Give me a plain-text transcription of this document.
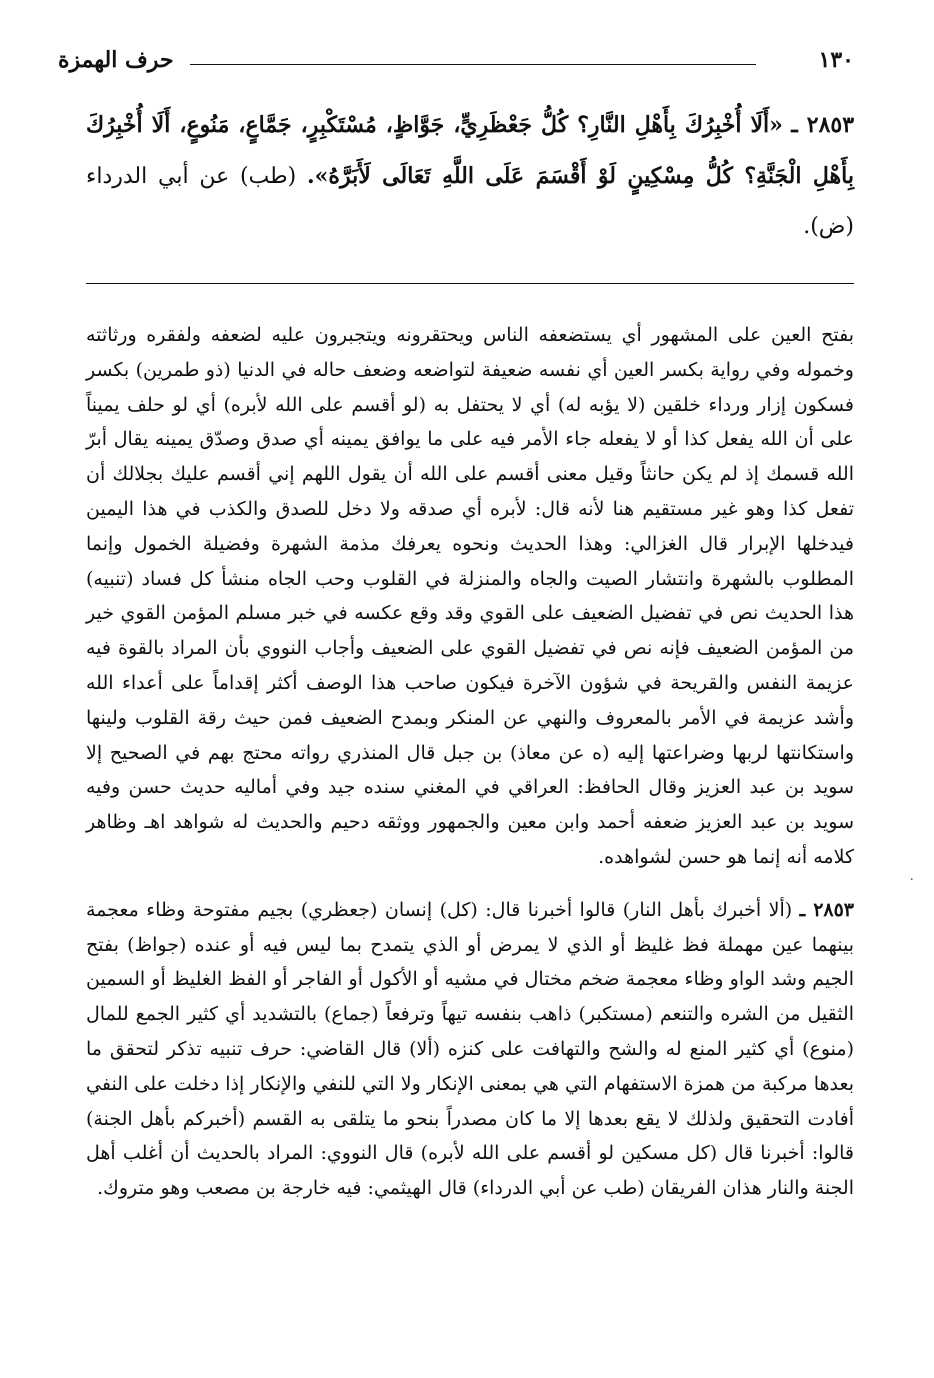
١٣٠
حرف الهمزة
٢٨٥٣ ـ «أَلَا أُخْبِرُكَ بِأَهْلِ النَّارِ؟ كُلُّ جَعْظَرِيٍّ، جَوَّاظٍ، مُسْتَكْبِرٍ، جَمَّاعٍ، مَنُوعٍ، أَلَا أُخْبِرُكَ بِأَهْلِ الْجَنَّةِ؟ كُلُّ مِسْكِينٍ لَوْ أَقْسَمَ عَلَى اللَّهِ تَعَالَى لَأَبَرَّهُ». (طب) عن أبي الدرداء (ض).

بفتح العين على المشهور أي يستضعفه الناس ويحتقرونه ويتجبرون عليه لضعفه ولفقره ورثاثته وخموله وفي رواية بكسر العين أي نفسه ضعيفة لتواضعه وضعف حاله في الدنيا (ذو طمرين) بكسر فسكون إزار ورداء خلقين (لا يؤبه له) أي لا يحتفل به (لو أقسم على الله لأبره) أي لو حلف يميناً على أن الله يفعل كذا أو لا يفعله جاء الأمر فيه على ما يوافق يمينه أي صدق وصدّق يمينه يقال أبرّ الله قسمك إذ لم يكن حانثاً وقيل معنى أقسم على الله أن يقول اللهم إني أقسم عليك بجلالك أن تفعل كذا وهو غير مستقيم هنا لأنه قال: لأبره أي صدقه ولا دخل للصدق والكذب في هذا اليمين فيدخلها الإبرار قال الغزالي: وهذا الحديث ونحوه يعرفك مذمة الشهرة وفضيلة الخمول وإنما المطلوب بالشهرة وانتشار الصيت والجاه والمنزلة في القلوب وحب الجاه منشأ كل فساد (تنبيه) هذا الحديث نص في تفضيل الضعيف على القوي وقد وقع عكسه في خبر مسلم المؤمن القوي خير من المؤمن الضعيف فإنه نص في تفضيل القوي على الضعيف وأجاب النووي بأن المراد بالقوة فيه عزيمة النفس والقريحة في شؤون الآخرة فيكون صاحب هذا الوصف أكثر إقداماً على أعداء الله وأشد عزيمة في الأمر بالمعروف والنهي عن المنكر وبمدح الضعيف فمن حيث رقة القلوب ولينها واستكانتها لربها وضراعتها إليه (ه عن معاذ) بن جبل قال المنذري رواته محتج بهم في الصحيح إلا سويد بن عبد العزيز وقال الحافظ: العراقي في المغني سنده جيد وفي أماليه حديث حسن وفيه سويد بن عبد العزيز ضعفه أحمد وابن معين والجمهور ووثقه دحيم والحديث له شواهد اهـ وظاهر كلامه أنه إنما هو حسن لشواهده.

٢٨٥٣ ـ (ألا أخبرك بأهل النار) قالوا أخبرنا قال: (كل) إنسان (جعظري) بجيم مفتوحة وظاء معجمة بينهما عين مهملة فظ غليظ أو الذي لا يمرض أو الذي يتمدح بما ليس فيه أو عنده (جواظ) بفتح الجيم وشد الواو وظاء معجمة ضخم مختال في مشيه أو الأكول أو الفاجر أو الفظ الغليظ أو السمين الثقيل من الشره والتنعم (مستكبر) ذاهب بنفسه تيهاً وترفعاً (جماع) بالتشديد أي كثير الجمع للمال (منوع) أي كثير المنع له والشح والتهافت على كنزه (ألا) قال القاضي: حرف تنبيه تذكر لتحقق ما بعدها مركبة من همزة الاستفهام التي هي بمعنى الإنكار ولا التي للنفي والإنكار إذا دخلت على النفي أفادت التحقيق ولذلك لا يقع بعدها إلا ما كان مصدراً بنحو ما يتلقى به القسم (أخبركم بأهل الجنة) قالوا: أخبرنا قال (كل مسكين لو أقسم على الله لأبره) قال النووي: المراد بالحديث أن أغلب أهل الجنة والنار هذان الفريقان (طب عن أبي الدرداء) قال الهيثمي: فيه خارجة بن مصعب وهو متروك.

·
